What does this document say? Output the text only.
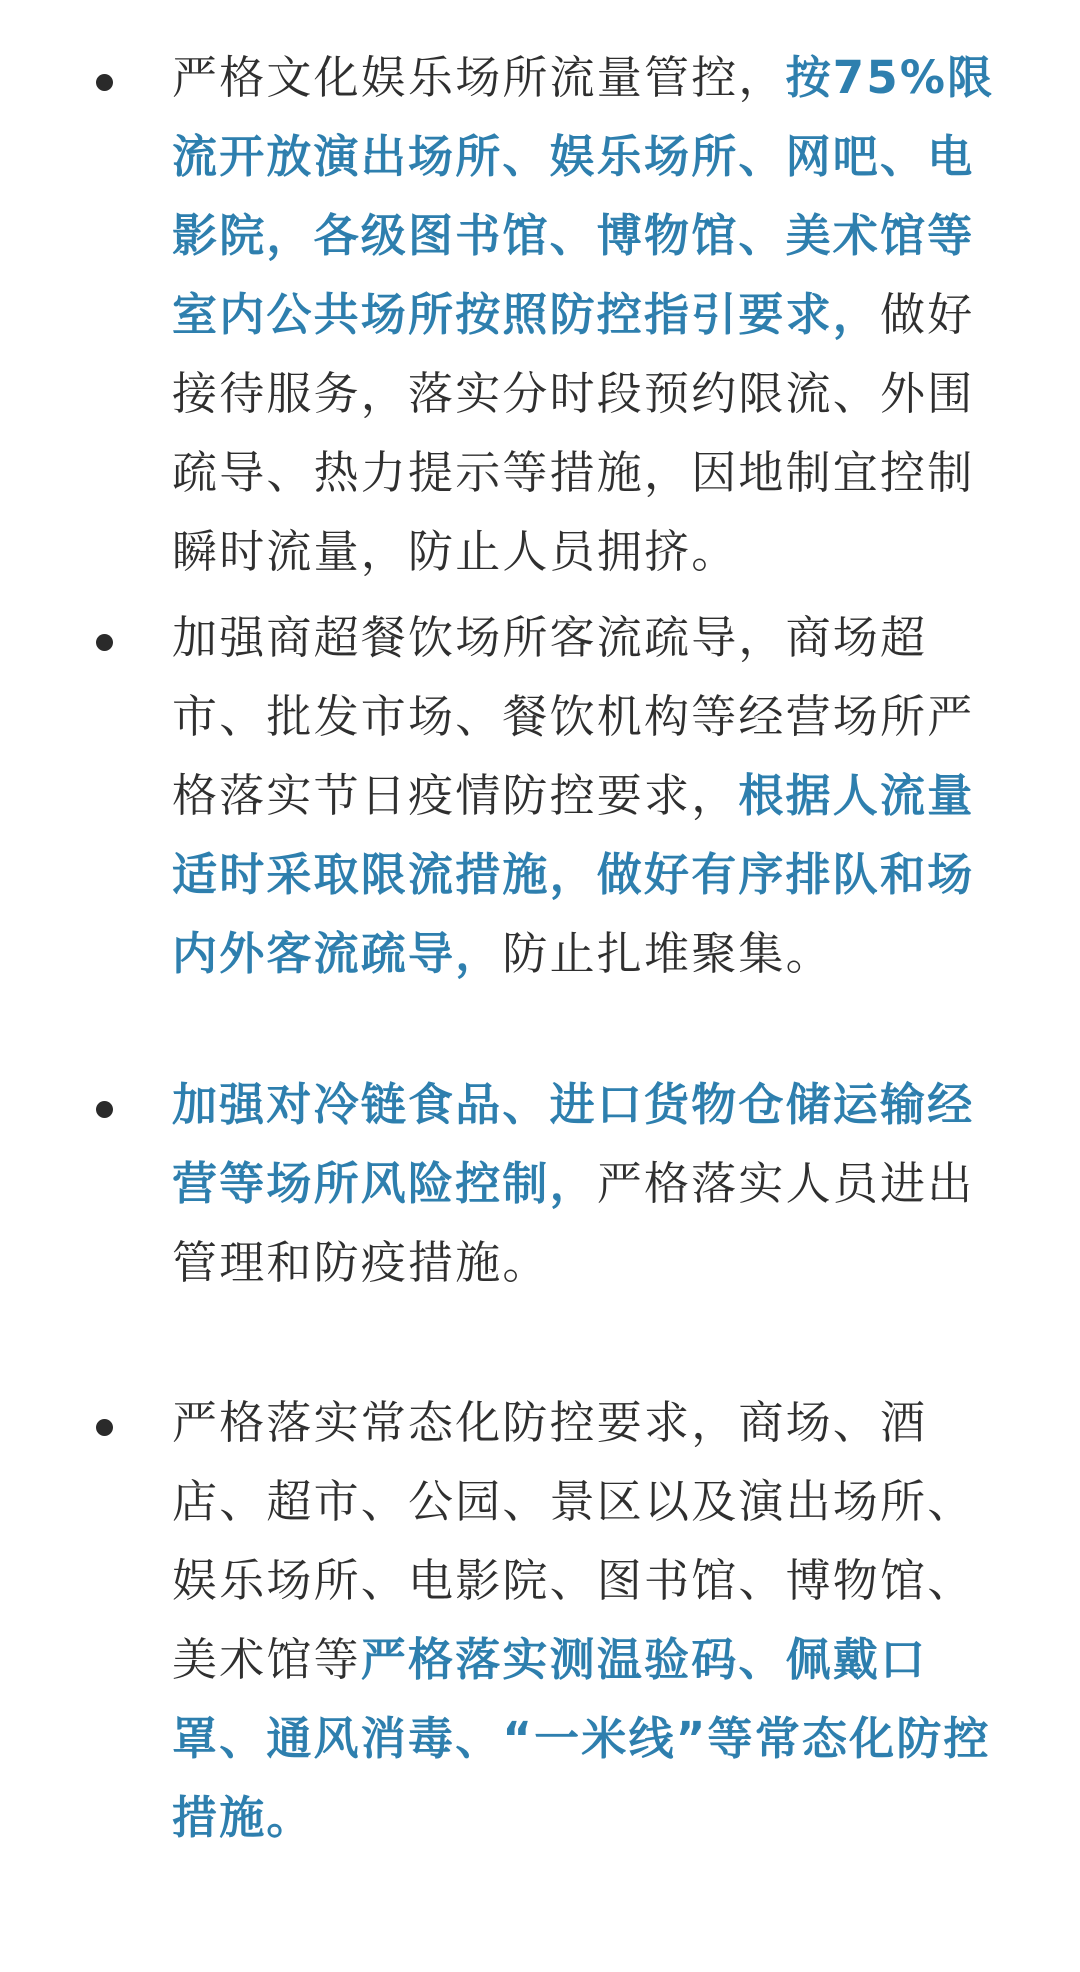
严格文化娱乐场所流量管控，按75%限流开放演出场所、娱乐场所、网吧、电影院，各级图书馆、博物馆、美术馆等室内公共场所按照防控指引要求，做好接待服务，落实分时段预约限流、外围疏导、热力提示等措施，因地制宜控制瞬时流量，防止人员拥挤。

加强商超餐饮场所客流疏导，商场超市、批发市场、餐饮机构等经营场所严格落实节日疫情防控要求，根据人流量适时采取限流措施，做好有序排队和场内外客流疏导，防止扎堆聚集。

加强对冷链食品、进口货物仓储运输经营等场所风险控制，严格落实人员进出管理和防疫措施。

严格落实常态化防控要求，商场、酒店、超市、公园、景区以及演出场所、娱乐场所、电影院、图书馆、博物馆、美术馆等严格落实测温验码、佩戴口罩、通风消毒、“一米线”等常态化防控措施。
